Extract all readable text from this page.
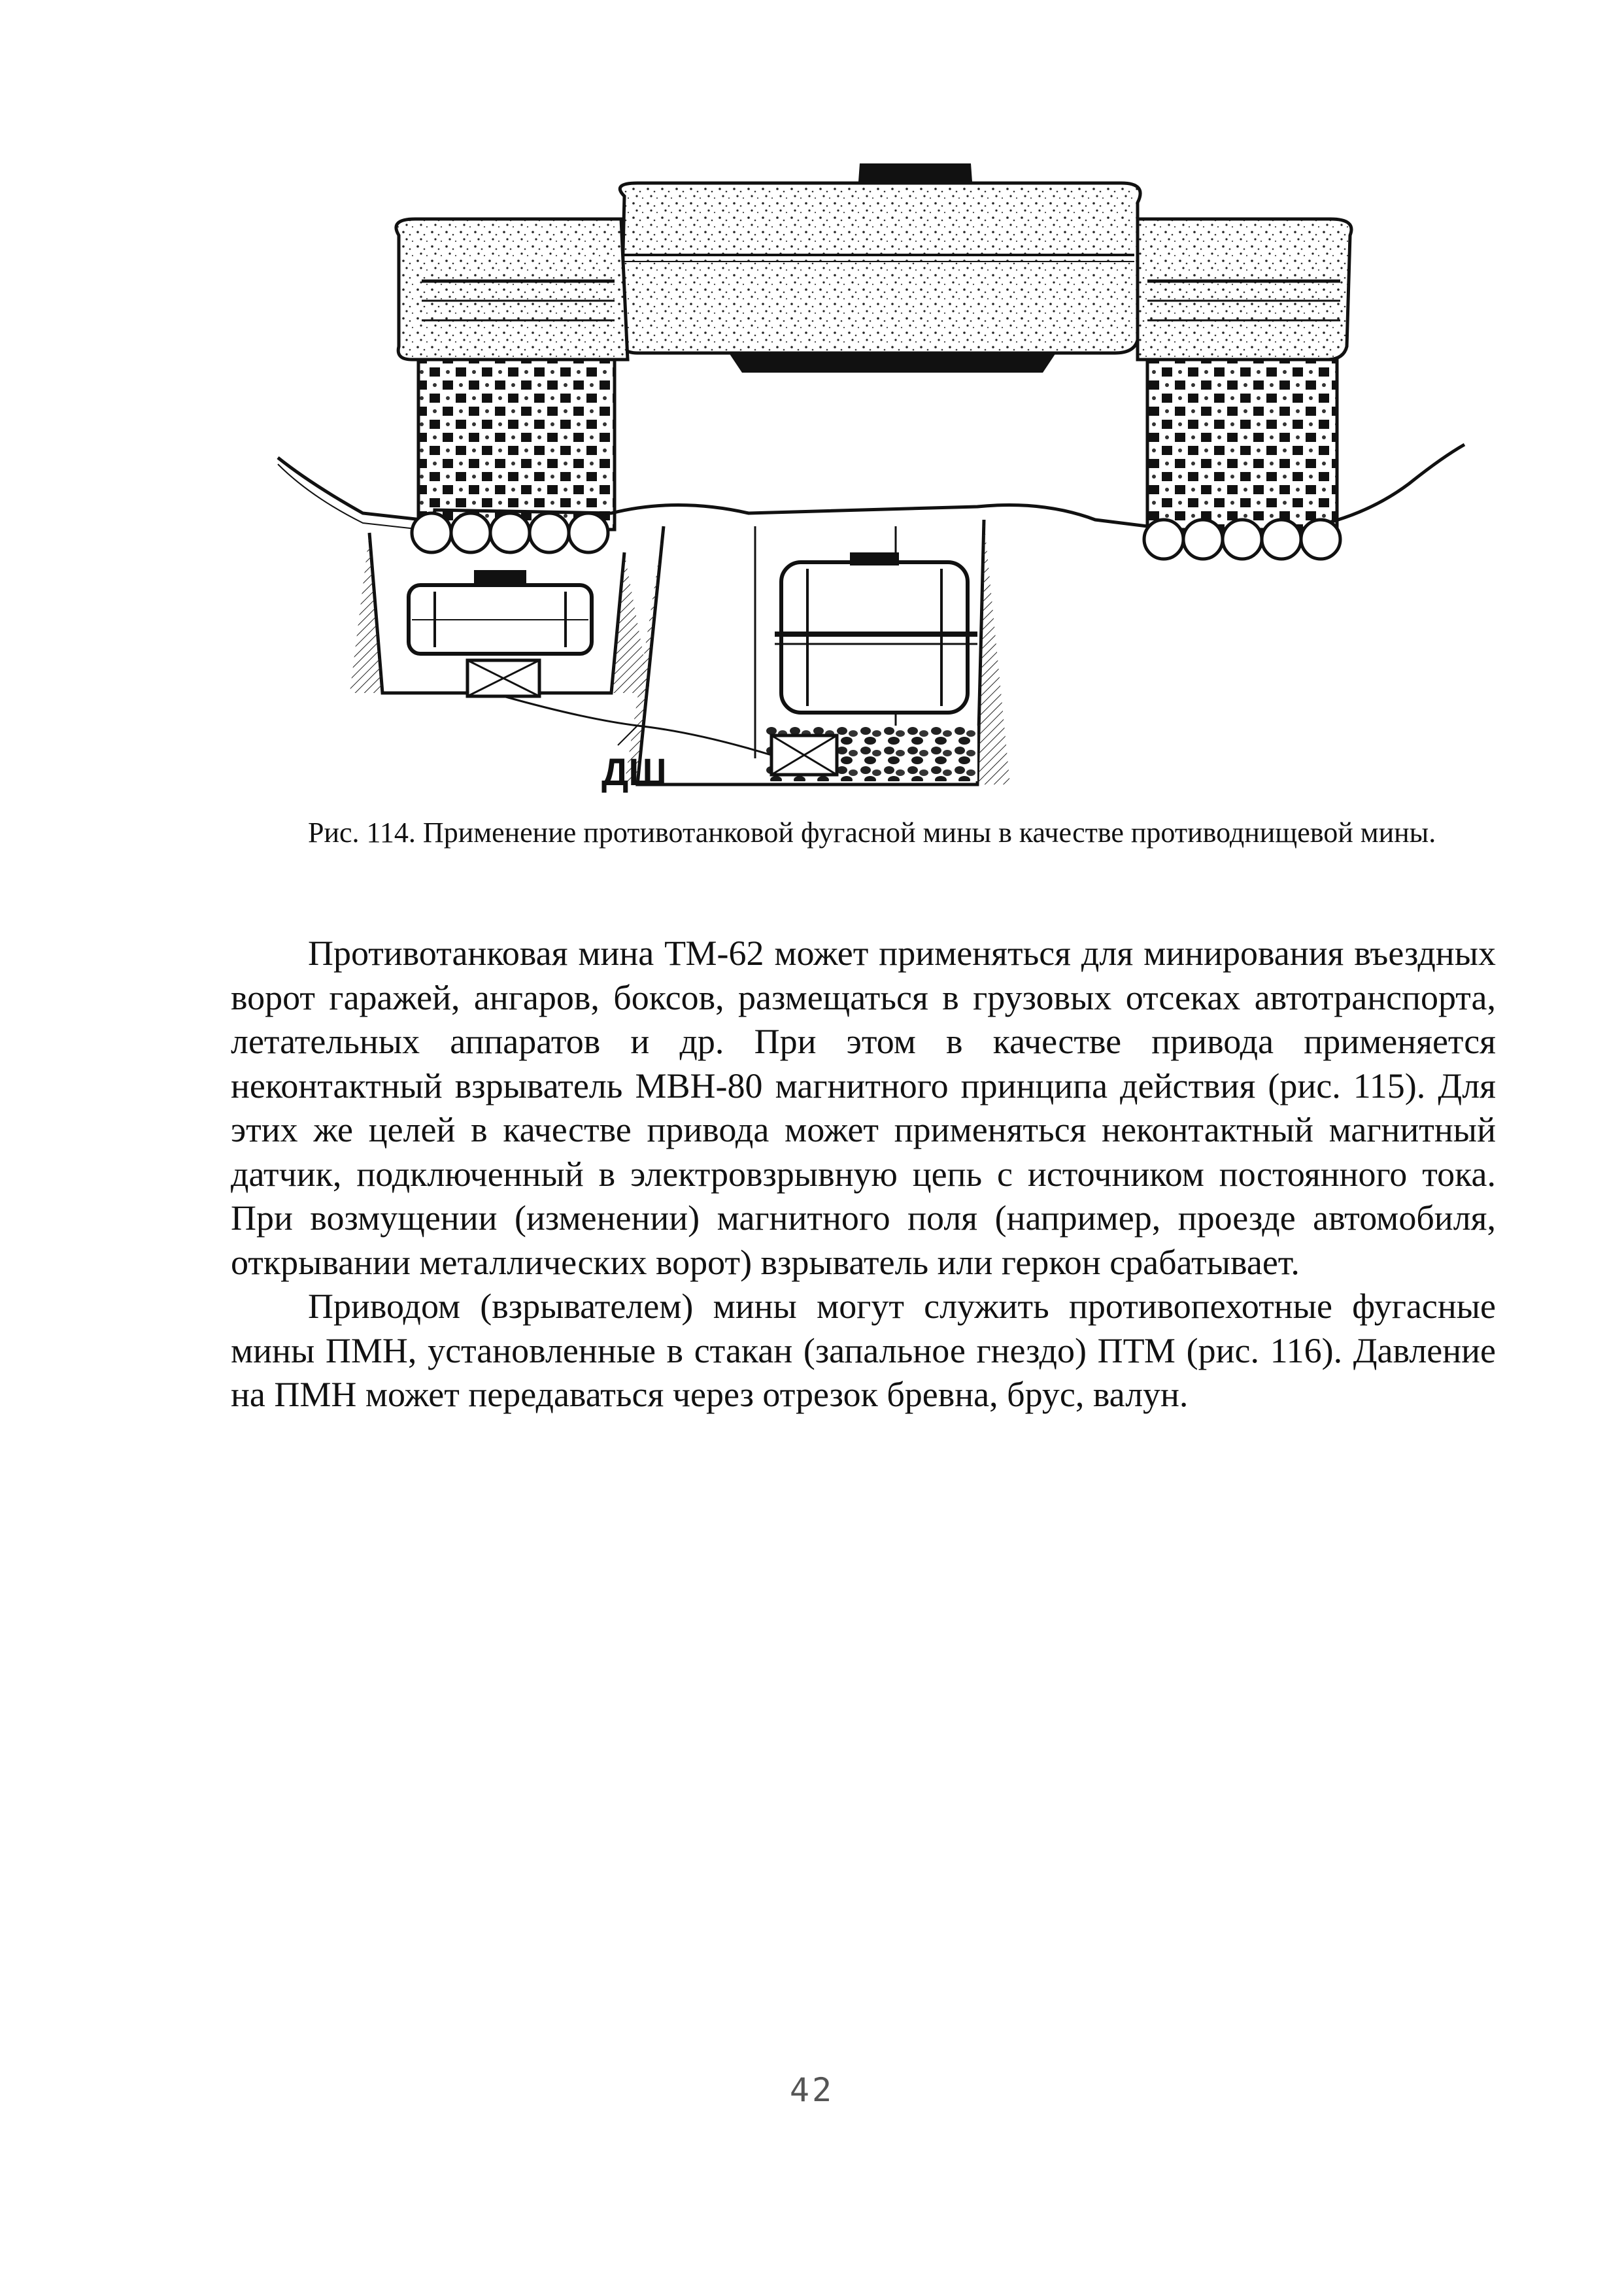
ДШ
Рис. 114. Применение противотанковой фугасной мины в качестве противоднищевой мины.

Противотанковая мина ТМ-62 может применяться для минирования въездных ворот гаражей, ангаров, боксов, размещаться в грузовых отсеках автотранспорта, летательных аппаратов и др. При этом в качестве привода применяется неконтактный взрыватель МВН-80 магнитного принципа действия (рис. 115). Для этих же целей в качестве привода может применяться неконтактный магнитный датчик, подключенный в электровзрывную цепь с источником постоянного тока. При возмущении (изменении) магнитного поля (например, проезде автомобиля, открывании металлических ворот) взрыватель или геркон срабатывает.

Приводом (взрывателем) мины могут служить противопехотные фугасные мины ПМН, установленные в стакан (запальное гнездо) ПТМ (рис. 116). Давление на ПМН может передаваться через отрезок бревна, брус, валун.

42
